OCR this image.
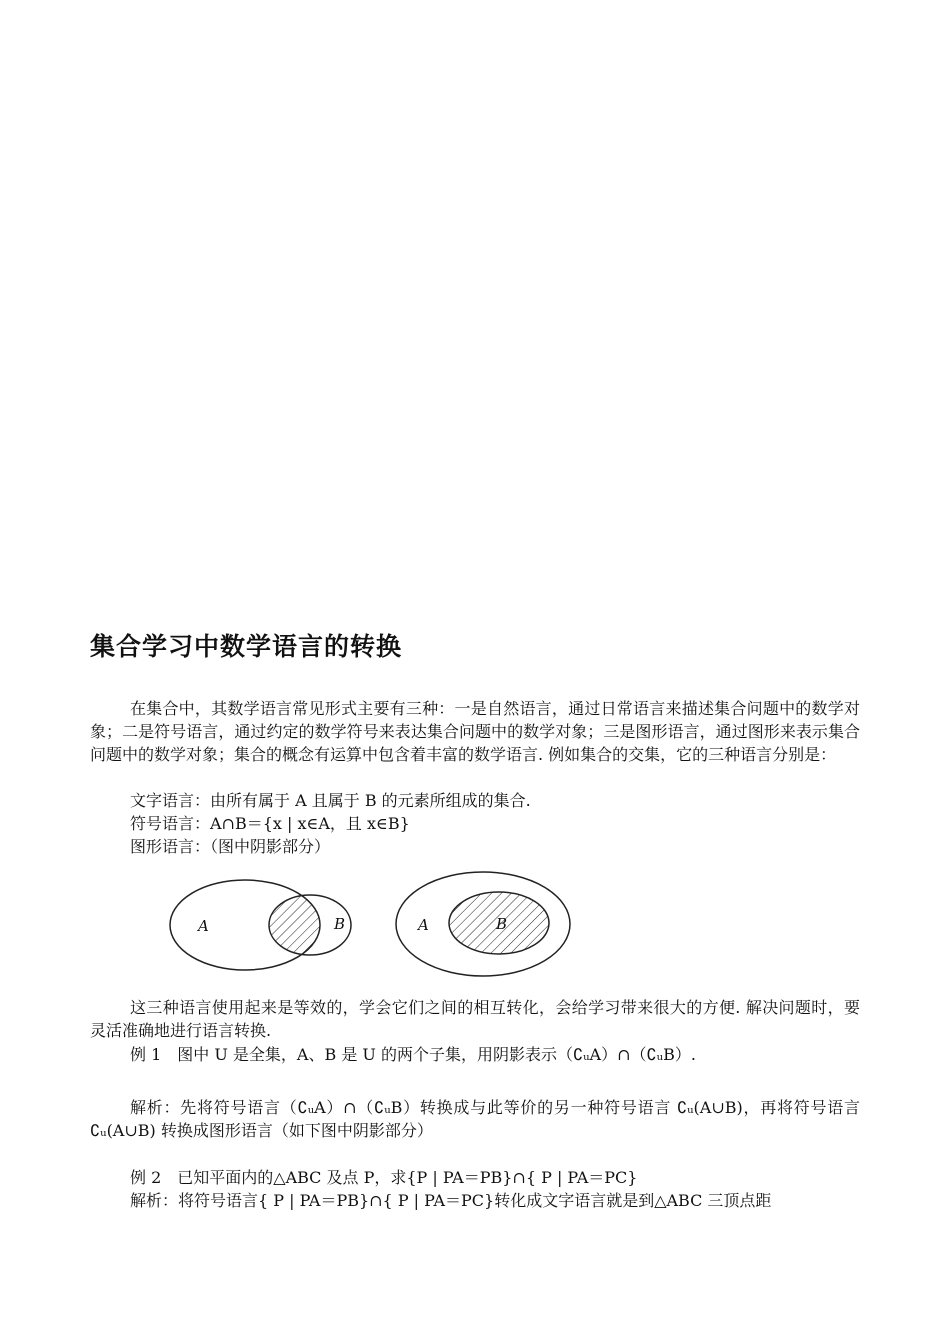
集合学习中数学语言的转换

在集合中，其数学语言常见形式主要有三种：一是自然语言，通过日常语言来描述集合问题中的数学对象；二是符号语言，通过约定的数学符号来表达集合问题中的数学对象；三是图形语言，通过图形来表示集合问题中的数学对象；集合的概念有运算中包含着丰富的数学语言. 例如集合的交集，它的三种语言分别是：

文字语言：由所有属于 A 且属于 B 的元素所组成的集合.

符号语言：A∩B＝{x | x∈A，且 x∈B}

图形语言：（图中阴影部分）

A	B	A	B

这三种语言使用起来是等效的，学会它们之间的相互转化，会给学习带来很大的方便. 解决问题时，要灵活准确地进行语言转换.

例 1　图中 U 是全集，A、B 是 U 的两个子集，用阴影表示（∁ᵤA）∩（∁ᵤB）.

解析：先将符号语言（∁ᵤA）∩（∁ᵤB）转换成与此等价的另一种符号语言 ∁ᵤ(A∪B)，再将符号语言 ∁ᵤ(A∪B) 转换成图形语言（如下图中阴影部分）

例 2　已知平面内的△ABC 及点 P，求{P | PA＝PB}∩{ P | PA＝PC}

解析：将符号语言{ P | PA＝PB}∩{ P | PA＝PC}转化成文字语言就是到△ABC 三顶点距
